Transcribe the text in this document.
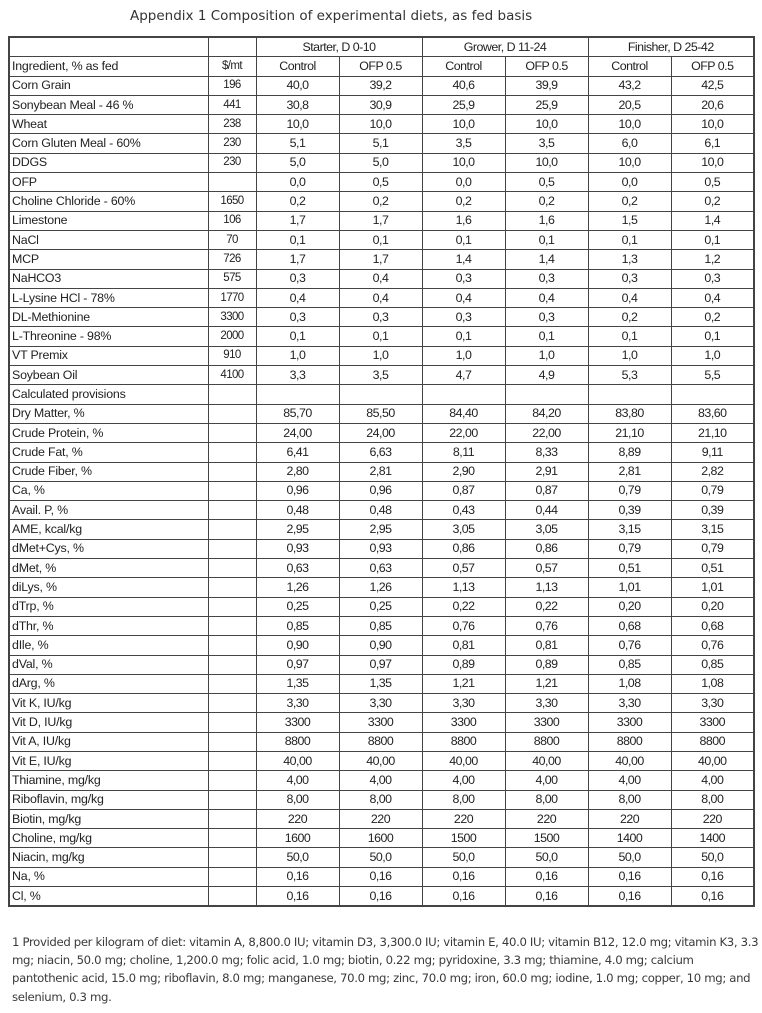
Appendix 1 Composition of experimental diets, as fed basis
		Starter, D 0-10		Grower, D 11-24		Finisher, D 25-42	
Ingredient, % as fed	$/mt	Control	OFP 0.5	Control	OFP 0.5	Control	OFP 0.5
Corn Grain	196	40,0	39,2	40,6	39,9	43,2	42,5
Sonybean Meal - 46 %	441	30,8	30,9	25,9	25,9	20,5	20,6
Wheat	238	10,0	10,0	10,0	10,0	10,0	10,0
Corn Gluten Meal - 60%	230	5,1	5,1	3,5	3,5	6,0	6,1
DDGS	230	5,0	5,0	10,0	10,0	10,0	10,0
OFP		0,0	0,5	0,0	0,5	0,0	0,5
Choline Chloride - 60%	1650	0,2	0,2	0,2	0,2	0,2	0,2
Limestone	106	1,7	1,7	1,6	1,6	1,5	1,4
NaCl	70	0,1	0,1	0,1	0,1	0,1	0,1
MCP	726	1,7	1,7	1,4	1,4	1,3	1,2
NaHCO3	575	0,3	0,4	0,3	0,3	0,3	0,3
L-Lysine HCl - 78%	1770	0,4	0,4	0,4	0,4	0,4	0,4
DL-Methionine	3300	0,3	0,3	0,3	0,3	0,2	0,2
L-Threonine - 98%	2000	0,1	0,1	0,1	0,1	0,1	0,1
VT Premix	910	1,0	1,0	1,0	1,0	1,0	1,0
Soybean Oil	4100	3,3	3,5	4,7	4,9	5,3	5,5
Calculated provisions							
Dry Matter, %		85,70	85,50	84,40	84,20	83,80	83,60
Crude Protein, %		24,00	24,00	22,00	22,00	21,10	21,10
Crude Fat, %		6,41	6,63	8,11	8,33	8,89	9,11
Crude Fiber, %		2,80	2,81	2,90	2,91	2,81	2,82
Ca, %		0,96	0,96	0,87	0,87	0,79	0,79
Avail. P, %		0,48	0,48	0,43	0,44	0,39	0,39
AME, kcal/kg		2,95	2,95	3,05	3,05	3,15	3,15
dMet+Cys, %		0,93	0,93	0,86	0,86	0,79	0,79
dMet, %		0,63	0,63	0,57	0,57	0,51	0,51
diLys, %		1,26	1,26	1,13	1,13	1,01	1,01
dTrp, %		0,25	0,25	0,22	0,22	0,20	0,20
dThr, %		0,85	0,85	0,76	0,76	0,68	0,68
dIle, %		0,90	0,90	0,81	0,81	0,76	0,76
dVal, %		0,97	0,97	0,89	0,89	0,85	0,85
dArg, %		1,35	1,35	1,21	1,21	1,08	1,08
Vit K, IU/kg		3,30	3,30	3,30	3,30	3,30	3,30
Vit D, IU/kg		3300	3300	3300	3300	3300	3300
Vit A, IU/kg		8800	8800	8800	8800	8800	8800
Vit E, IU/kg		40,00	40,00	40,00	40,00	40,00	40,00
Thiamine, mg/kg		4,00	4,00	4,00	4,00	4,00	4,00
Riboflavin, mg/kg		8,00	8,00	8,00	8,00	8,00	8,00
Biotin, mg/kg		220	220	220	220	220	220
Choline, mg/kg		1600	1600	1500	1500	1400	1400
Niacin, mg/kg		50,0	50,0	50,0	50,0	50,0	50,0
Na, %		0,16	0,16	0,16	0,16	0,16	0,16
Cl, %		0,16	0,16	0,16	0,16	0,16	0,16
1 Provided per kilogram of diet: vitamin A, 8,800.0 IU; vitamin D3, 3,300.0 IU; vitamin E, 40.0 IU; vitamin B12, 12.0 mg; vitamin K3, 3.3 mg; niacin, 50.0 mg; choline, 1,200.0 mg; folic acid, 1.0 mg; biotin, 0.22 mg; pyridoxine, 3.3 mg; thiamine, 4.0 mg; calcium pantothenic acid, 15.0 mg; riboflavin, 8.0 mg; manganese, 70.0 mg; zinc, 70.0 mg; iron, 60.0 mg; iodine, 1.0 mg; copper, 10 mg; and selenium, 0.3 mg.
